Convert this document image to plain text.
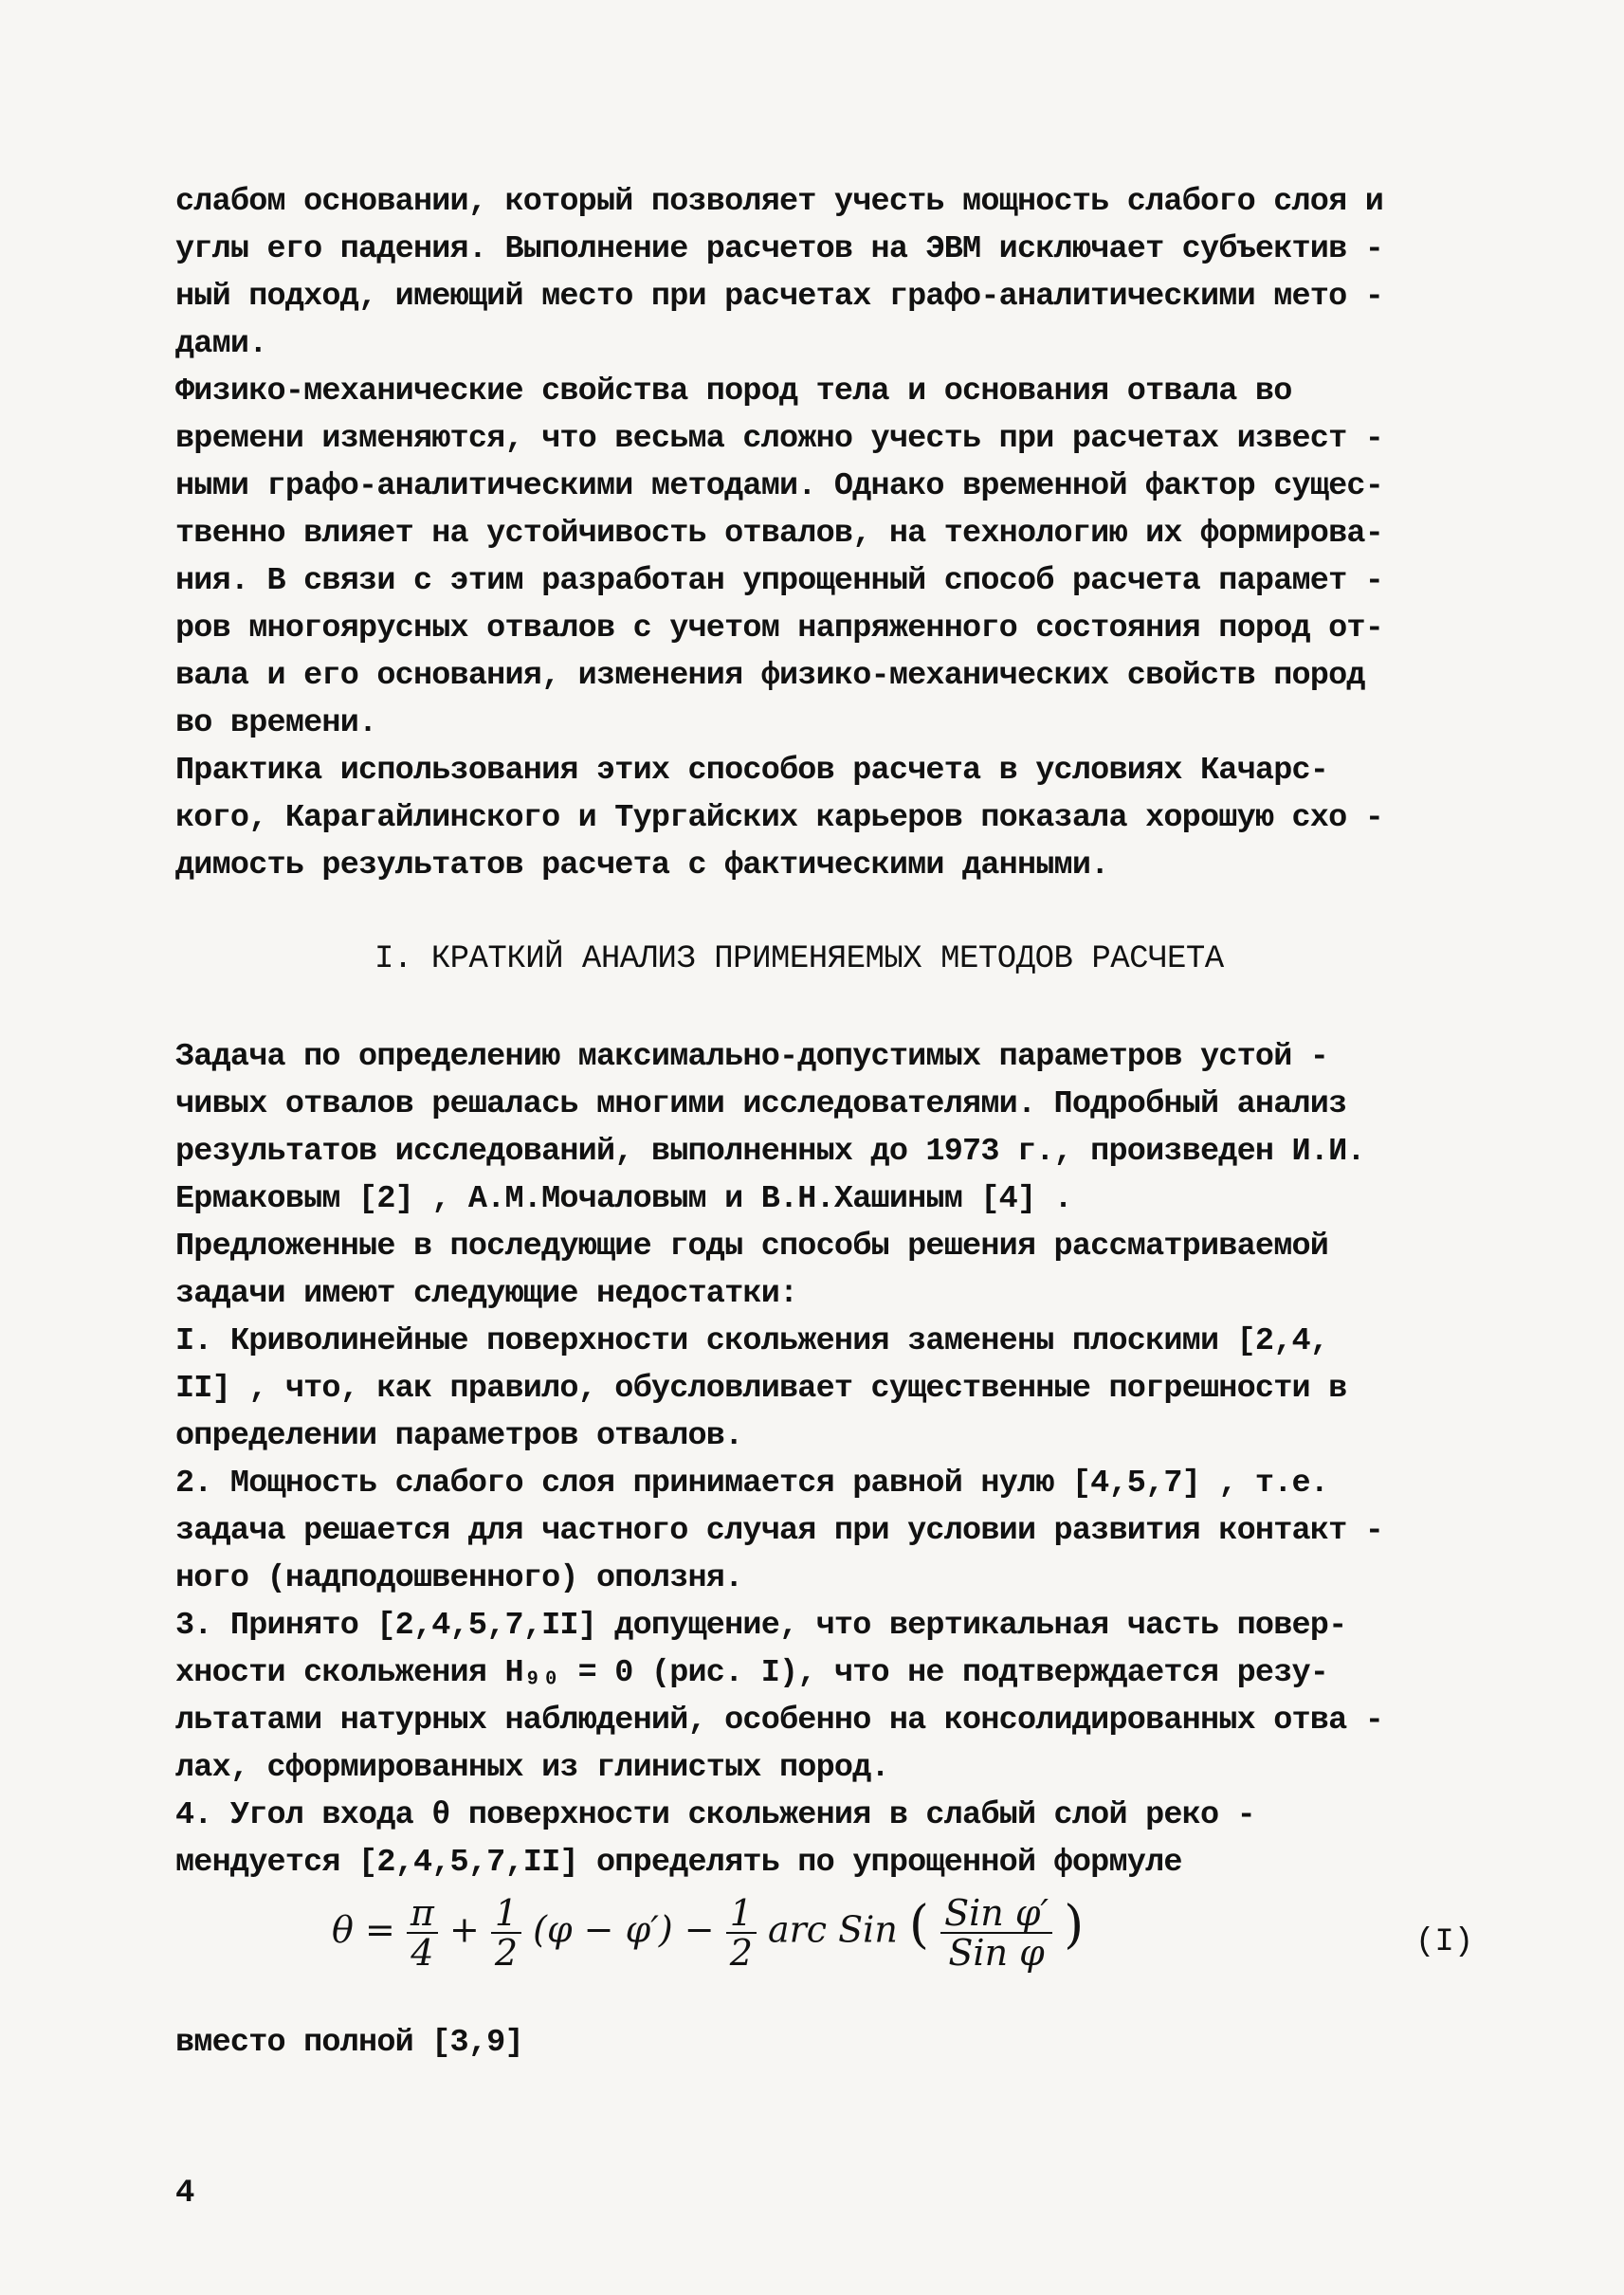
слабом основании, который позволяет учесть мощность слабого слоя и
углы его падения. Выполнение расчетов на ЭВМ исключает субъектив -
ный подход, имеющий место при расчетах графо-аналитическими мето -
дами.
Физико-механические свойства пород тела и основания отвала во
времени изменяются, что весьма сложно учесть при расчетах извест -
ными графо-аналитическими методами. Однако временной фактор сущес-
твенно влияет на устойчивость отвалов, на технологию их формирова-
ния. В связи с этим разработан упрощенный способ расчета парамет -
ров многоярусных отвалов с учетом напряженного состояния пород от-
вала и его основания, изменения физико-механических свойств пород
во времени.
Практика использования этих способов расчета в условиях Качарс-
кого, Карагайлинского и Тургайских карьеров показала хорошую схо -
димость результатов расчета с фактическими данными.
I. КРАТКИЙ АНАЛИЗ ПРИМЕНЯЕМЫХ МЕТОДОВ РАСЧЕТА
Задача по определению максимально-допустимых параметров устой -
чивых отвалов решалась многими исследователями. Подробный анализ
результатов исследований, выполненных до 1973 г., произведен И.И.
Ермаковым [2] , А.М.Мочаловым и В.Н.Хашиным [4] .
Предложенные в последующие годы способы решения рассматриваемой
задачи имеют следующие недостатки:
I. Криволинейные поверхности скольжения заменены плоскими [2,4,
II] , что, как правило, обусловливает существенные погрешности в
определении параметров отвалов.
2. Мощность слабого слоя принимается равной нулю [4,5,7] , т.е.
задача решается для частного случая при условии развития контакт -
ного (надподошвенного) оползня.
3. Принято [2,4,5,7,II] допущение, что вертикальная часть повер-
хности скольжения H₉₀ = 0 (рис. I), что не подтверждается резу-
льтатами натурных наблюдений, особенно на консолидированных отва -
лах, сформированных из глинистых пород.
4. Угол входа θ поверхности скольжения в слабый слой реко -
мендуется [2,4,5,7,II] определять по упрощенной формуле
$\theta = \frac{\pi}{4} + \frac{1}{2} (\varphi - \varphi') - \frac{1}{2}$ arc Sin ( $\frac{\text{Sin φ′}}{\text{Sin φ}}$ )	(I)
вместо полной [3,9]
4
